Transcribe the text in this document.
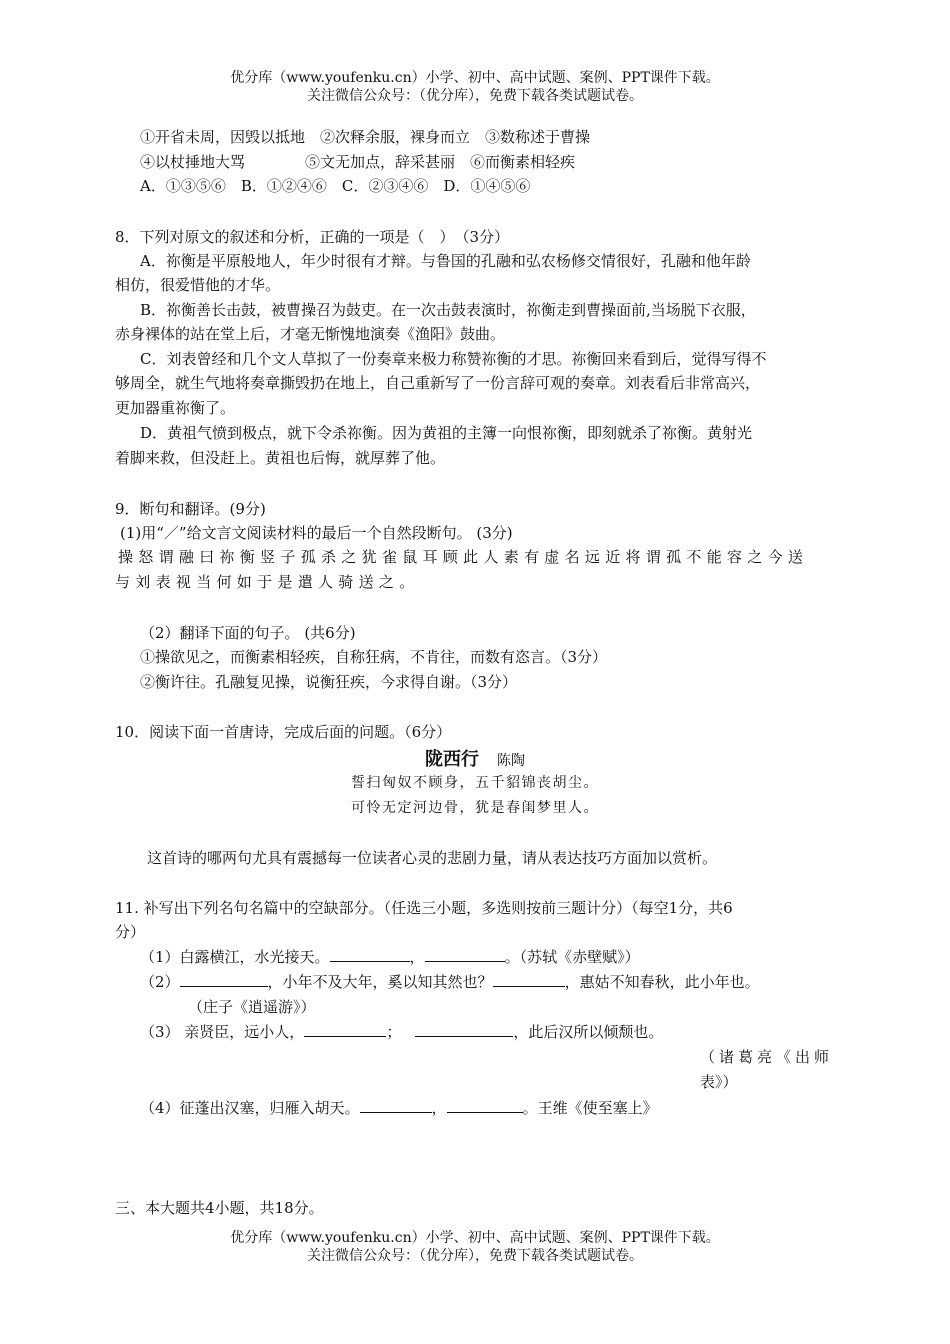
优分库（www.youfenku.cn）小学、初中、高中试题、案例、PPT课件下载。
关注微信公众号：（优分库），免费下载各类试题试卷。
①开省未周，因毁以抵地　②次释余服，裸身而立　③数称述于曹操
④以杖捶地大骂　　　　⑤文无加点，辞采甚丽　⑥而衡素相轻疾
A．①③⑤⑥　B．①②④⑥　C．②③④⑥　D．①④⑤⑥
8．下列对原文的叙述和分析，正确的一项是（　）　（3分）
A．祢衡是平原般地人，年少时很有才辩。与鲁国的孔融和弘农杨修交情很好，孔融和他年龄
相仿，很爱惜他的才华。
B．祢衡善长击鼓，被曹操召为鼓吏。在一次击鼓表演时，祢衡走到曹操面前,当场脱下衣服，
赤身裸体的站在堂上后，才毫无惭愧地演奏《渔阳》鼓曲。
C．刘表曾经和几个文人草拟了一份奏章来极力称赞祢衡的才思。祢衡回来看到后，觉得写得不
够周全，就生气地将奏章撕毁扔在地上，自己重新写了一份言辞可观的奏章。刘表看后非常高兴，
更加器重祢衡了。
D．黄祖气愤到极点，就下令杀祢衡。因为黄祖的主簿一向恨祢衡，即刻就杀了祢衡。黄射光
着脚来救，但没赶上。黄祖也后悔，就厚葬了他。
9．断句和翻译。(9分)
(1)用“／”给文言文阅读材料的最后一个自然段断句。 (3分)
操怒谓融曰祢衡竖子孤杀之犹雀鼠耳顾此人素有虚名远近将谓孤不能容之今送
与刘表视当何如于是遣人骑送之。
（2）翻译下面的句子。 (共6分)
①操欲见之，而衡素相轻疾，自称狂病，不肯往，而数有恣言。（3分）
②衡许往。孔融复见操，说衡狂疾，今求得自谢。（3分）
10．阅读下面一首唐诗，完成后面的问题。（6分）
陇西行 陈陶
誓扫匈奴不顾身，五千貂锦丧胡尘。
可怜无定河边骨，犹是春闺梦里人。
这首诗的哪两句尤具有震撼每一位读者心灵的悲剧力量，请从表达技巧方面加以赏析。
11. 补写出下列名句名篇中的空缺部分。（任选三小题，多选则按前三题计分）（每空1分，共6
分）
（1）白露横江，水光接天。	，	。（苏轼《赤壁赋》）
（2）	，小年不及大年，奚以知其然也？	，惠姑不知春秋，此小年也。
（庄子《逍遥游》）
（3） 亲贤臣，远小人，	；	，此后汉所以倾颓也。
（诸葛亮《出师
表》）
（4）征蓬出汉塞，归雁入胡天。	，	。王维《使至塞上》
三、本大题共4小题，共18分。
优分库（www.youfenku.cn）小学、初中、高中试题、案例、PPT课件下载。
关注微信公众号：（优分库），免费下载各类试题试卷。
